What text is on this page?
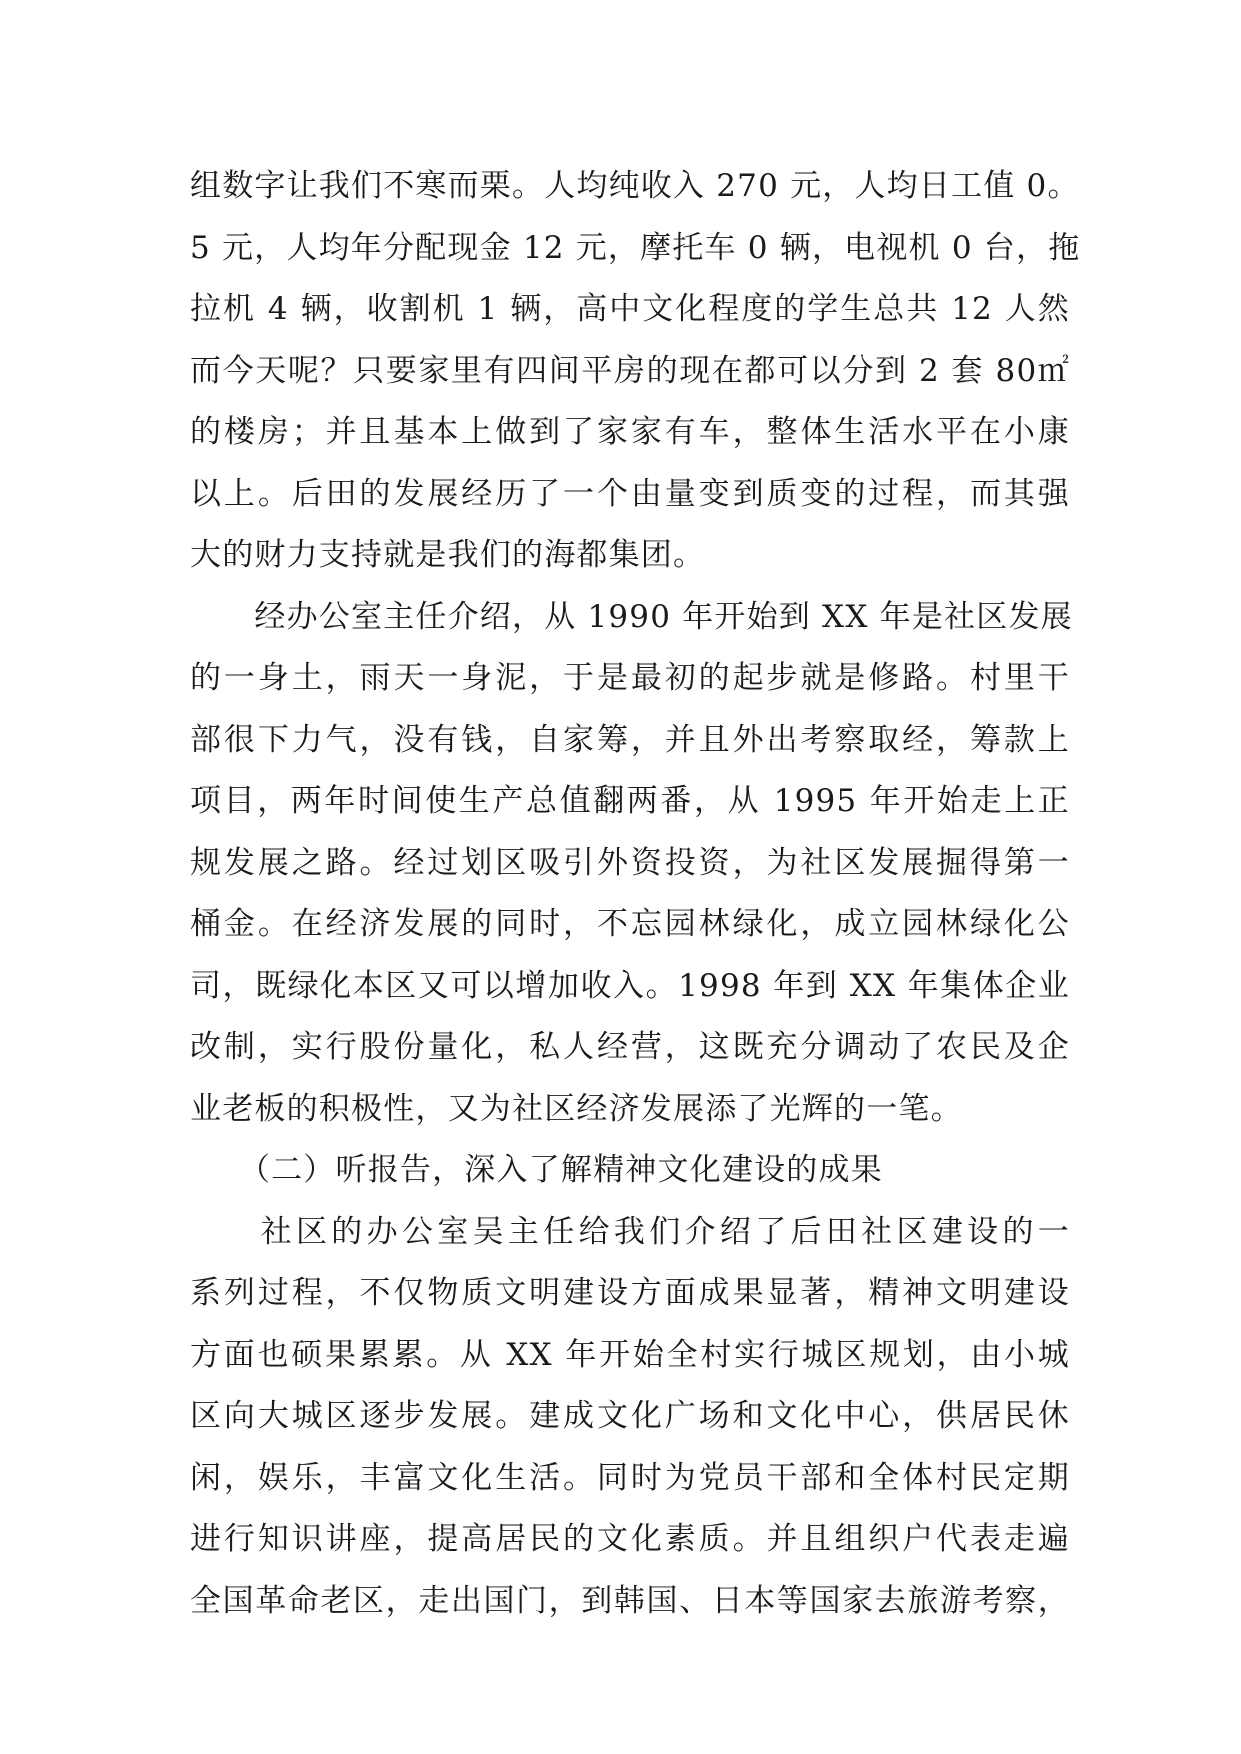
组数字让我们不寒而栗。人均纯收入 270 元，人均日工值 0。
5 元，人均年分配现金 12 元，摩托车 0 辆，电视机 0 台，拖
拉机 4 辆，收割机 1 辆，高中文化程度的学生总共 12 人然
而今天呢？只要家里有四间平房的现在都可以分到 2 套 80㎡
的楼房；并且基本上做到了家家有车，整体生活水平在小康
以上。后田的发展经历了一个由量变到质变的过程，而其强
大的财力支持就是我们的海都集团。
　　经办公室主任介绍，从 1990 年开始到 XX 年是社区发展
的一身土，雨天一身泥，于是最初的起步就是修路。村里干
部很下力气，没有钱，自家筹，并且外出考察取经，筹款上
项目，两年时间使生产总值翻两番，从 1995 年开始走上正
规发展之路。经过划区吸引外资投资，为社区发展掘得第一
桶金。在经济发展的同时，不忘园林绿化，成立园林绿化公
司，既绿化本区又可以增加收入。1998 年到 XX 年集体企业
改制，实行股份量化，私人经营，这既充分调动了农民及企
业老板的积极性，又为社区经济发展添了光辉的一笔。
　　（二）听报告，深入了解精神文化建设的成果
　　社区的办公室吴主任给我们介绍了后田社区建设的一
系列过程，不仅物质文明建设方面成果显著，精神文明建设
方面也硕果累累。从 XX 年开始全村实行城区规划，由小城
区向大城区逐步发展。建成文化广场和文化中心，供居民休
闲，娱乐，丰富文化生活。同时为党员干部和全体村民定期
进行知识讲座，提高居民的文化素质。并且组织户代表走遍
全国革命老区，走出国门，到韩国、日本等国家去旅游考察，
